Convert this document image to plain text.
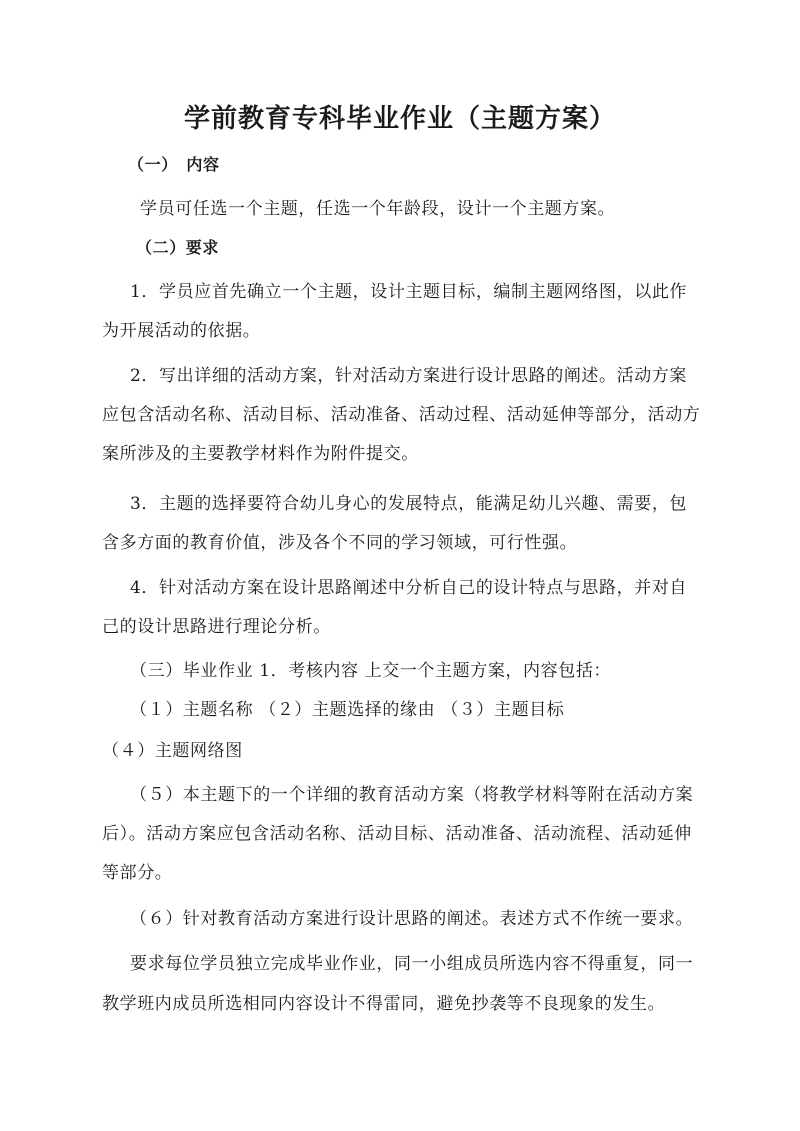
学前教育专科毕业作业（主题方案）
（一）　内容
学员可任选一个主题，任选一个年龄段，设计一个主题方案。
（二）要求
1．学员应首先确立一个主题，设计主题目标，编制主题网络图，以此作
为开展活动的依据。
2．写出详细的活动方案，针对活动方案进行设计思路的阐述。活动方案
应包含活动名称、活动目标、活动准备、活动过程、活动延伸等部分，活动方
案所涉及的主要教学材料作为附件提交。
3．主题的选择要符合幼儿身心的发展特点，能满足幼儿兴趣、需要，包
含多方面的教育价值，涉及各个不同的学习领域，可行性强。
4．针对活动方案在设计思路阐述中分析自己的设计特点与思路，并对自
己的设计思路进行理论分析。
（三）毕业作业 1．考核内容 上交一个主题方案，内容包括：
（１）主题名称 （２）主题选择的缘由 （３）主题目标
（４）主题网络图
（５）本主题下的一个详细的教育活动方案（将教学材料等附在活动方案
后）。活动方案应包含活动名称、活动目标、活动准备、活动流程、活动延伸
等部分。
（６）针对教育活动方案进行设计思路的阐述。表述方式不作统一要求。
要求每位学员独立完成毕业作业，同一小组成员所选内容不得重复，同一
教学班内成员所选相同内容设计不得雷同，避免抄袭等不良现象的发生。
